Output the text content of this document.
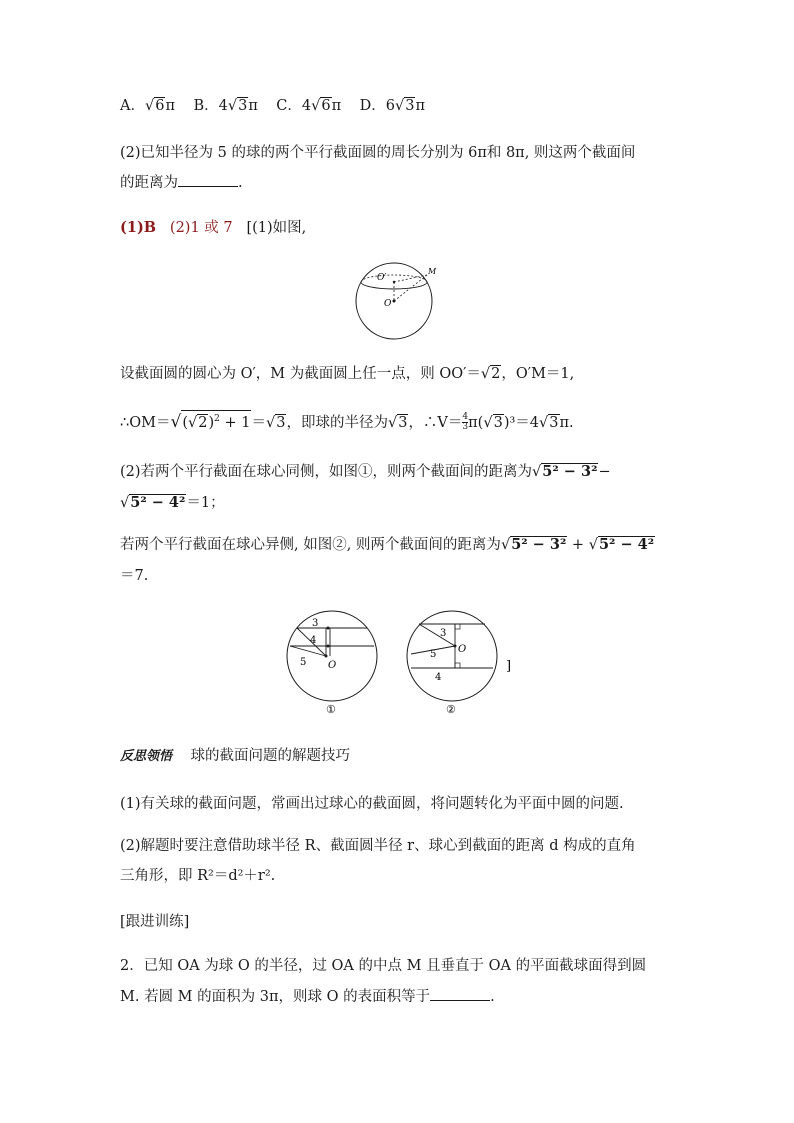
A．√6π B．4√3π C．4√6π D．6√3π
(2)已知半径为 5 的球的两个平行截面圆的周长分别为 6π和 8π, 则这两个截面间
的距离为	.
(1)B (2)1 或 7 [(1)如图,
O′
M
O
设截面圆的圆心为 O′，M 为截面圆上任一点，则 OO′＝√2，O′M＝1,
$\therefore OM=√(√2)^2 + 1=√3$，即球的半径为√3，∴V＝ $\frac{4}{3} \pi(√3)^3=4√3\pi$.
(2)若两个平行截面在球心同侧，如图①，则两个截面间的距离为√5² − 3²−
√5² − 4²＝1；
若两个平行截面在球心异侧, 如图②, 则两个截面间的距离为√5² − 3² + √5² − 4²
＝7.
3
4
5 O
①
3
5
4
O
②
]
反思领悟 球的截面问题的解题技巧
(1)有关球的截面问题，常画出过球心的截面圆，将问题转化为平面中圆的问题.
(2)解题时要注意借助球半径 R、截面圆半径 r、球心到截面的距离 d 构成的直角
三角形，即 R²＝d²＋r².
[跟进训练]
2．已知 OA 为球 O 的半径，过 OA 的中点 M 且垂直于 OA 的平面截球面得到圆
M. 若圆 M 的面积为 3π，则球 O 的表面积等于	.
